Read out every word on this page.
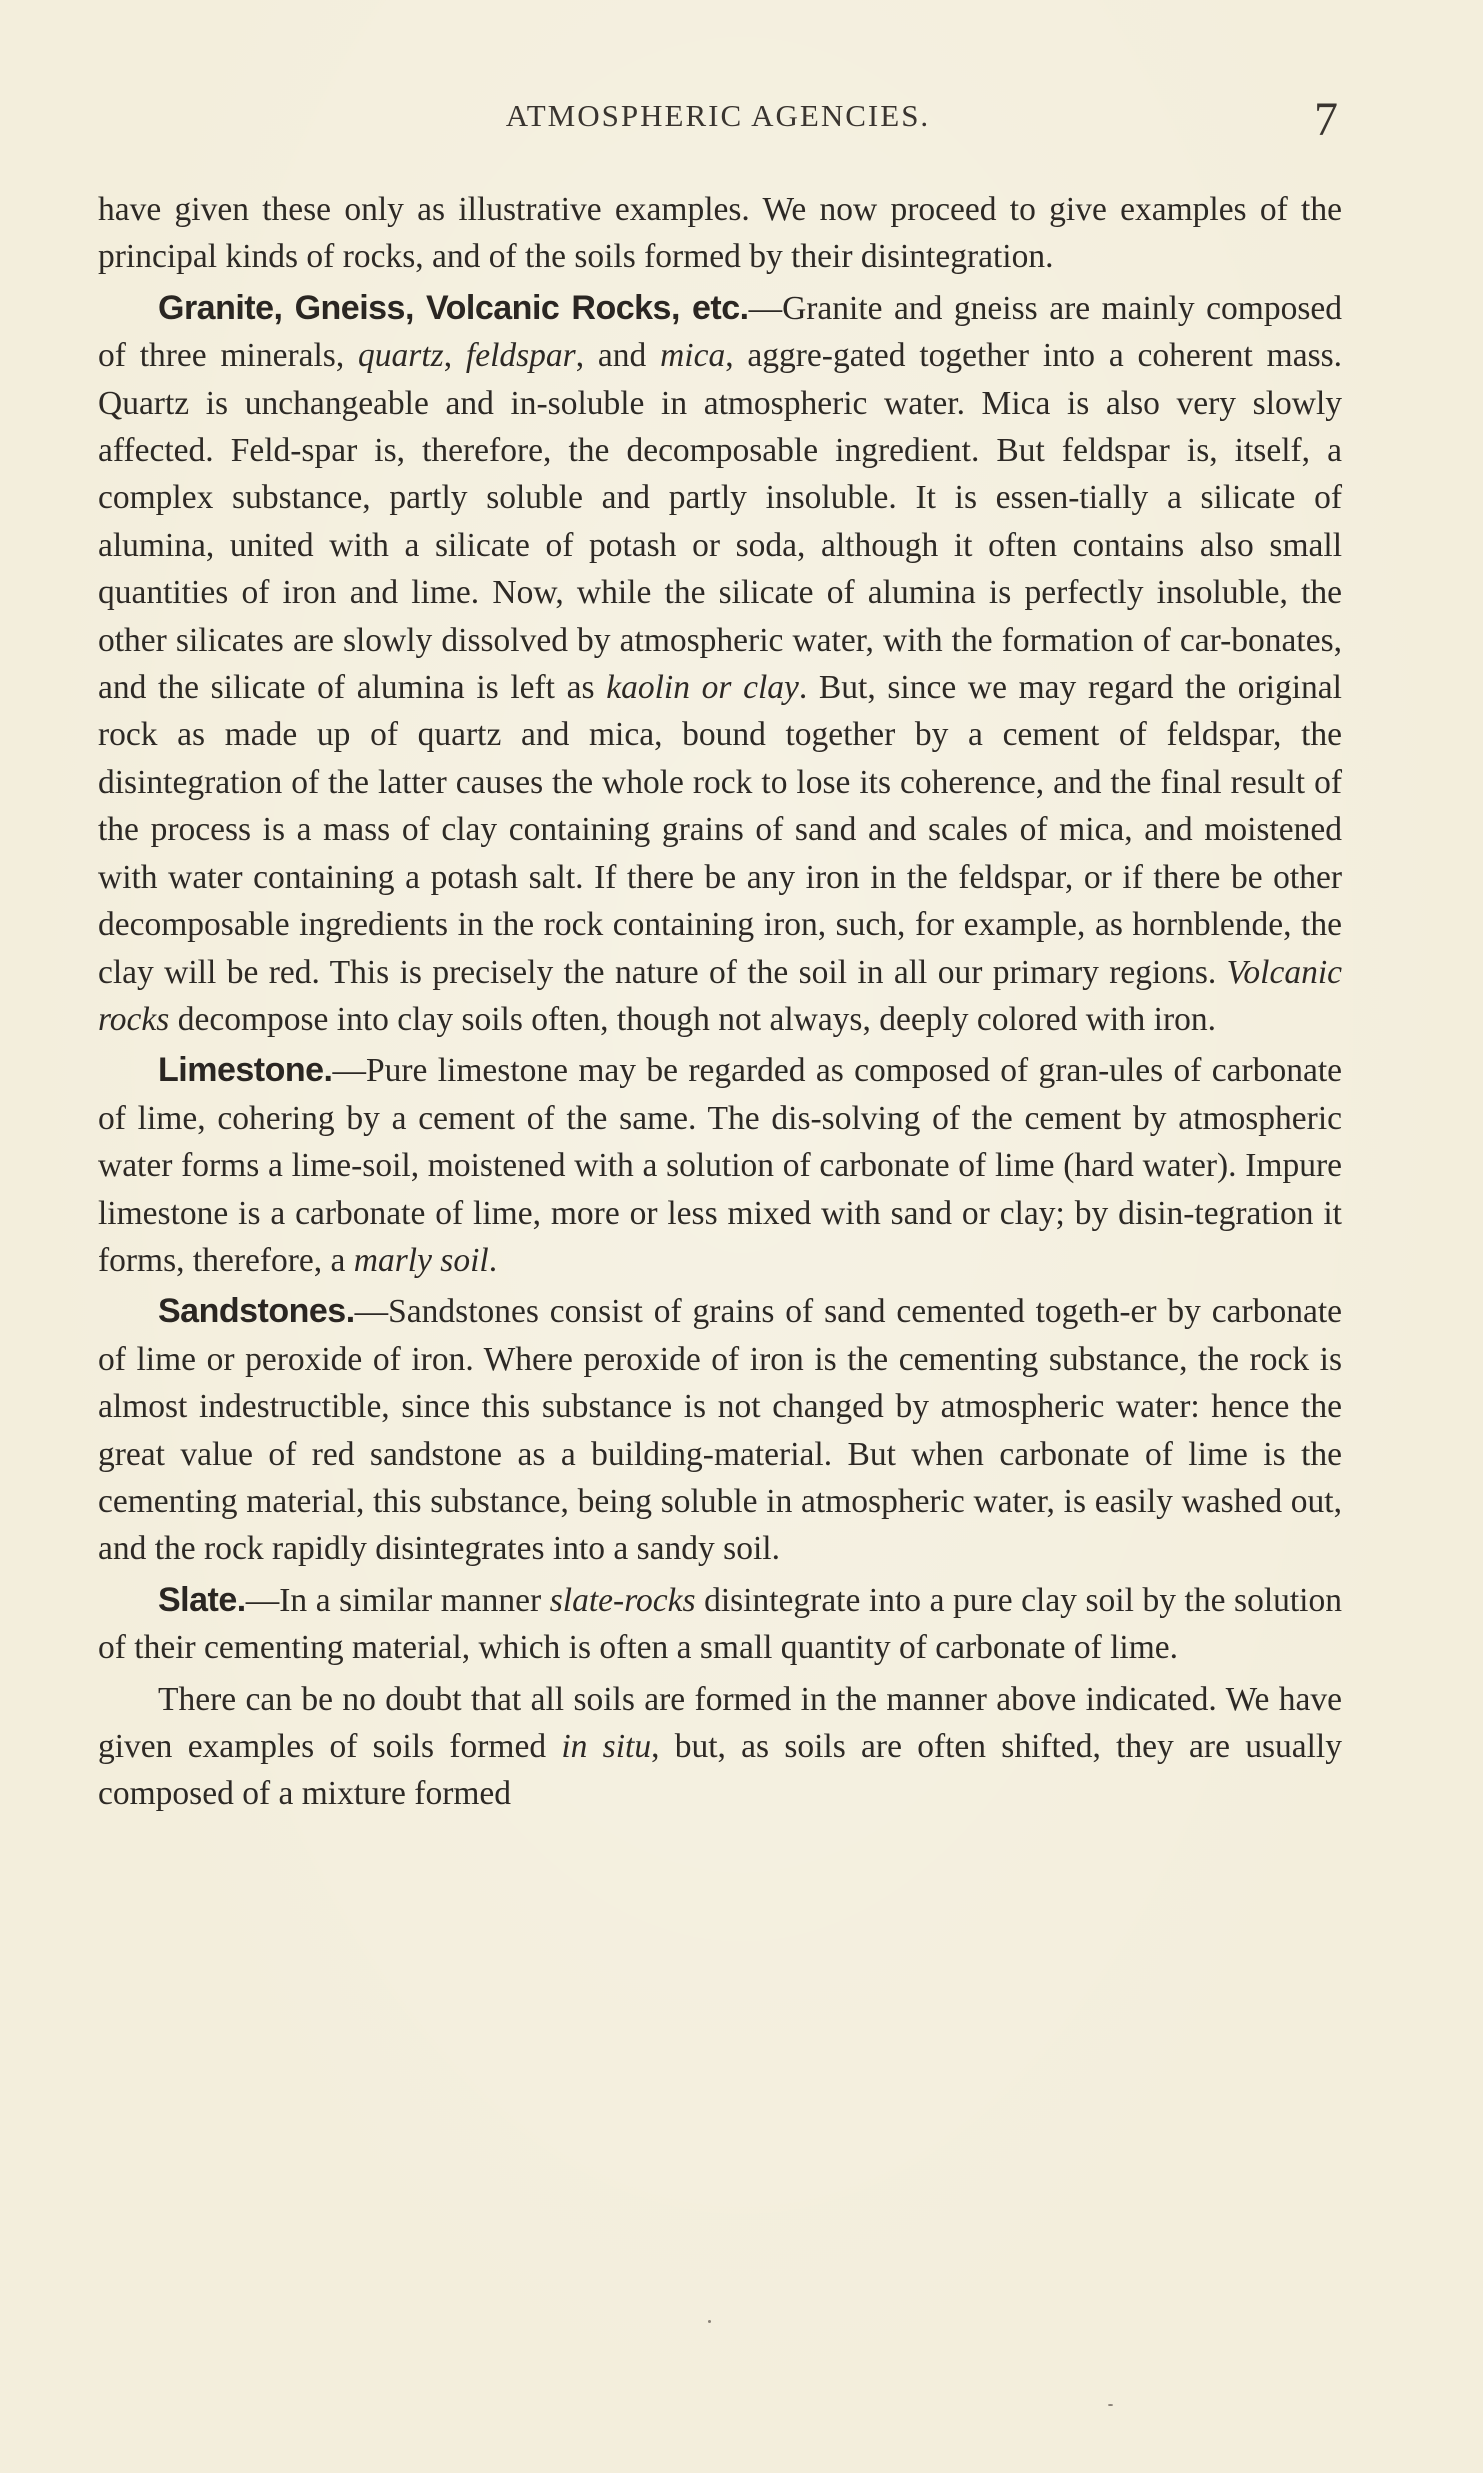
ATMOSPHERIC AGENCIES.	7

have given these only as illustrative examples. We now proceed to give examples of the principal kinds of rocks, and of the soils formed by their disintegration.

Granite, Gneiss, Volcanic Rocks, etc.—Granite and gneiss are mainly composed of three minerals, quartz, feldspar, and mica, aggre-gated together into a coherent mass. Quartz is unchangeable and in-soluble in atmospheric water. Mica is also very slowly affected. Feld-spar is, therefore, the decomposable ingredient. But feldspar is, itself, a complex substance, partly soluble and partly insoluble. It is essen-tially a silicate of alumina, united with a silicate of potash or soda, although it often contains also small quantities of iron and lime. Now, while the silicate of alumina is perfectly insoluble, the other silicates are slowly dissolved by atmospheric water, with the formation of car-bonates, and the silicate of alumina is left as kaolin or clay. But, since we may regard the original rock as made up of quartz and mica, bound together by a cement of feldspar, the disintegration of the latter causes the whole rock to lose its coherence, and the final result of the process is a mass of clay containing grains of sand and scales of mica, and moistened with water containing a potash salt. If there be any iron in the feldspar, or if there be other decomposable ingredients in the rock containing iron, such, for example, as hornblende, the clay will be red. This is precisely the nature of the soil in all our primary regions. Volcanic rocks decompose into clay soils often, though not always, deeply colored with iron.

Limestone.—Pure limestone may be regarded as composed of gran-ules of carbonate of lime, cohering by a cement of the same. The dis-solving of the cement by atmospheric water forms a lime-soil, moistened with a solution of carbonate of lime (hard water). Impure limestone is a carbonate of lime, more or less mixed with sand or clay; by disin-tegration it forms, therefore, a marly soil.

Sandstones.—Sandstones consist of grains of sand cemented togeth-er by carbonate of lime or peroxide of iron. Where peroxide of iron is the cementing substance, the rock is almost indestructible, since this substance is not changed by atmospheric water: hence the great value of red sandstone as a building-material. But when carbonate of lime is the cementing material, this substance, being soluble in atmospheric water, is easily washed out, and the rock rapidly disintegrates into a sandy soil.

Slate.—In a similar manner slate-rocks disintegrate into a pure clay soil by the solution of their cementing material, which is often a small quantity of carbonate of lime.

There can be no doubt that all soils are formed in the manner above indicated. We have given examples of soils formed in situ, but, as soils are often shifted, they are usually composed of a mixture formed
